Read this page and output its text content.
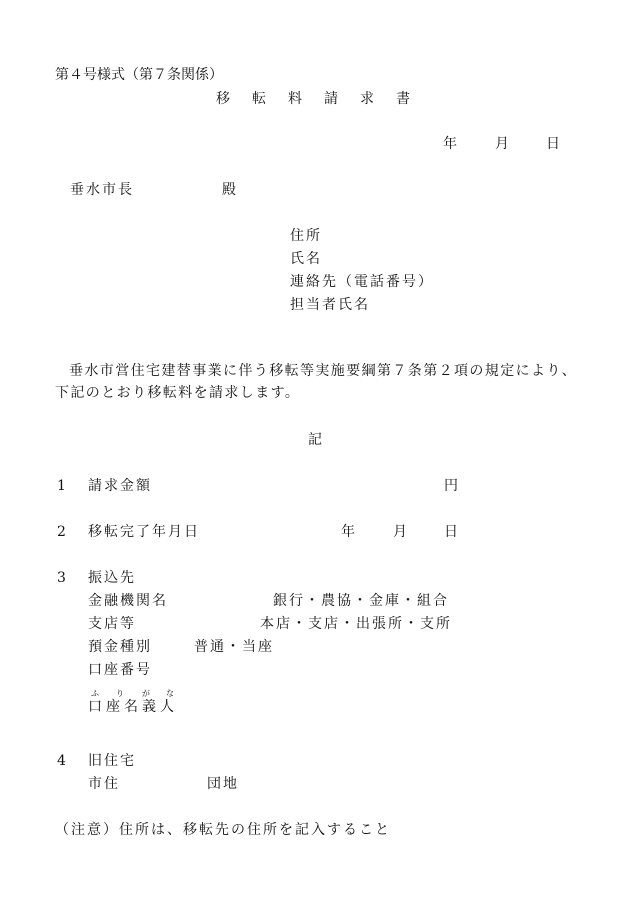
第４号様式（第７条関係）
移転料請求書
年	月	日
垂水市長	殿
住所
氏名
連絡先（電話番号）
担当者氏名
垂水市営住宅建替事業に伴う移転等実施要綱第７条第２項の規定により、下記のとおり移転料を請求します。
記
1 請求金額	円
2 移転完了年月日	年	月	日
3 振込先
金融機関名	銀行・農協・金庫・組合
支店等	本店・支店・出張所・支所
預金種別	普通・当座
口座番号
ふ り が な
口座名義人
4 旧住宅
市住	団地
（注意）住所は、移転先の住所を記入すること
